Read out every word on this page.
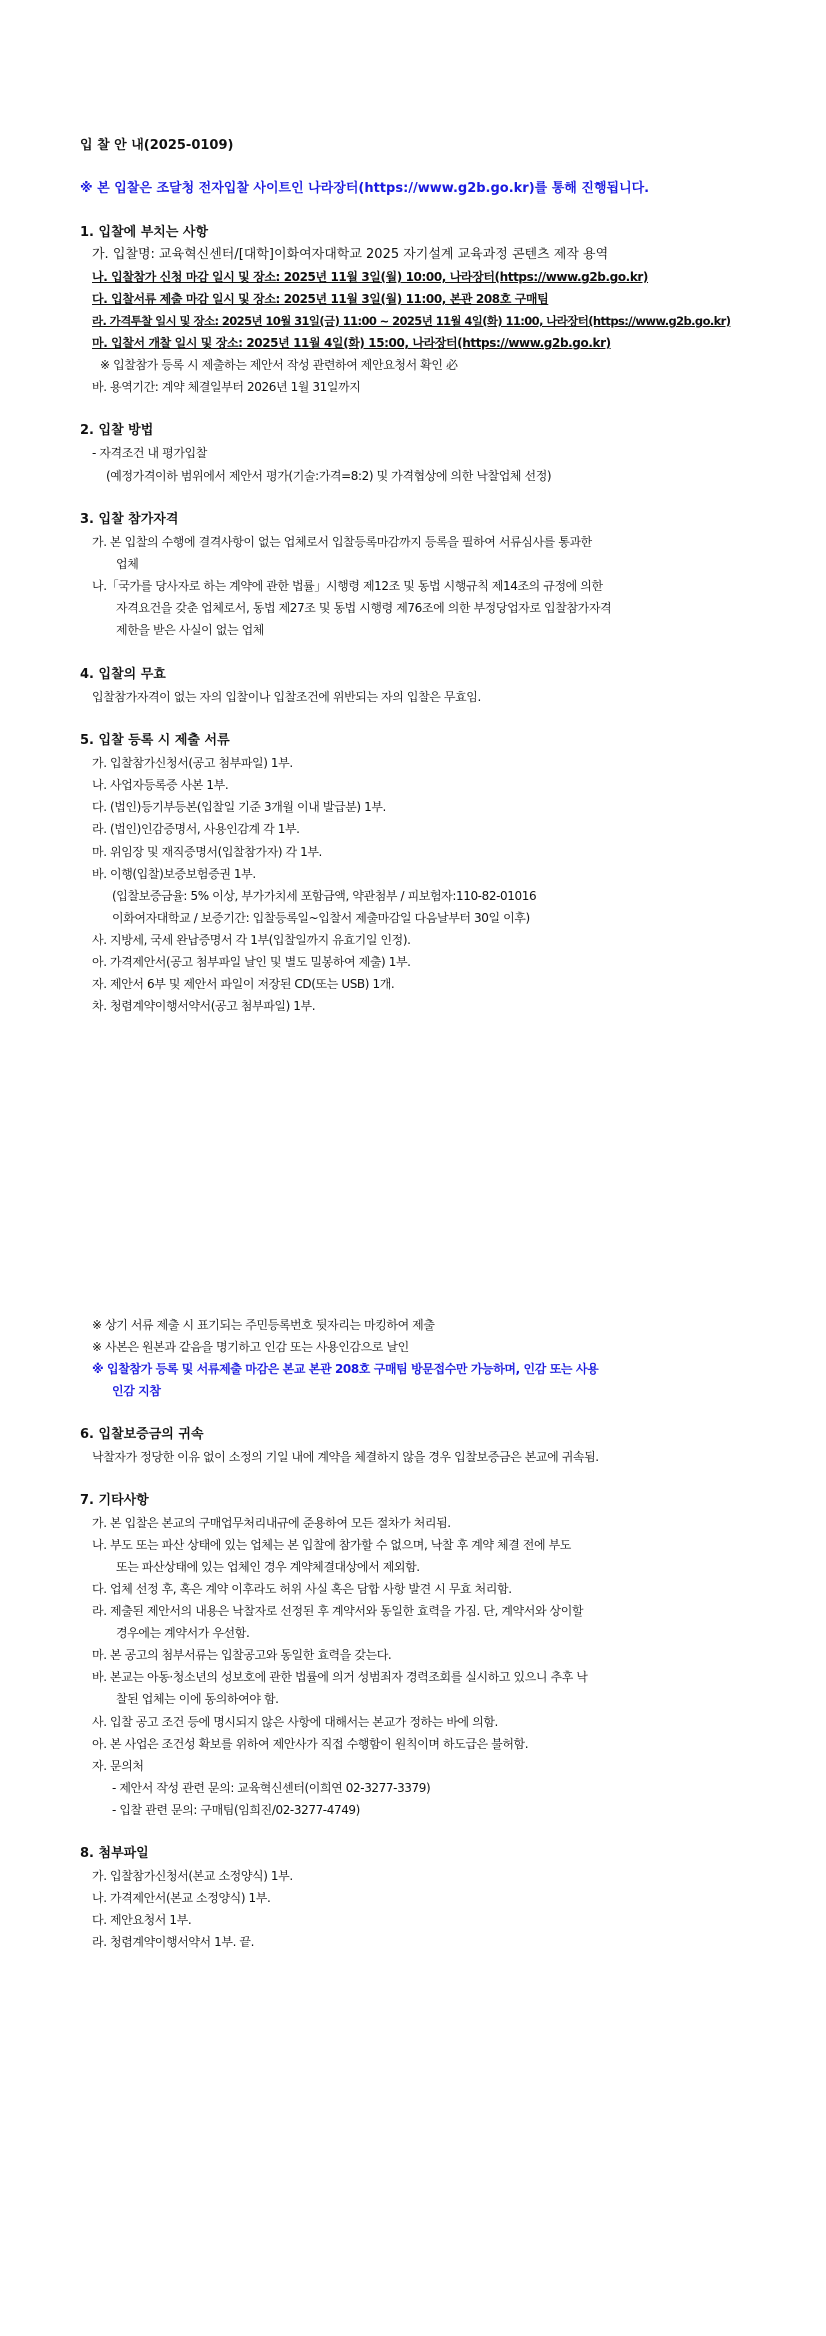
입 찰 안 내(2025-0109)
※ 본 입찰은 조달청 전자입찰 사이트인 나라장터(https://www.g2b.go.kr)를 통해 진행됩니다.
1. 입찰에 부치는 사항
가. 입찰명: 교육혁신센터/[대학]이화여자대학교 2025 자기설계 교육과정 콘텐츠 제작 용역
나. 입찰참가 신청 마감 일시 및 장소: 2025년 11월 3일(월) 10:00, 나라장터(https://www.g2b.go.kr)
다. 입찰서류 제출 마감 일시 및 장소: 2025년 11월 3일(월) 11:00, 본관 208호 구매팀
라. 가격투찰 일시 및 장소: 2025년 10월 31일(금) 11:00 ~ 2025년 11월 4일(화) 11:00, 나라장터(https://www.g2b.go.kr)
마. 입찰서 개찰 일시 및 장소: 2025년 11월 4일(화) 15:00, 나라장터(https://www.g2b.go.kr)
※ 입찰참가 등록 시 제출하는 제안서 작성 관련하여 제안요청서 확인 必
바. 용역기간: 계약 체결일부터 2026년 1월 31일까지
2. 입찰 방법
- 자격조건 내 평가입찰
(예정가격이하 범위에서 제안서 평가(기술:가격=8:2) 및 가격협상에 의한 낙찰업체 선정)
3. 입찰 참가자격
가. 본 입찰의 수행에 결격사항이 없는 업체로서 입찰등록마감까지 등록을 필하여 서류심사를 통과한
업체
나.「국가를 당사자로 하는 계약에 관한 법률」시행령 제12조 및 동법 시행규칙 제14조의 규정에 의한
자격요건을 갖춘 업체로서, 동법 제27조 및 동법 시행령 제76조에 의한 부정당업자로 입찰참가자격
제한을 받은 사실이 없는 업체
4. 입찰의 무효
입찰참가자격이 없는 자의 입찰이나 입찰조건에 위반되는 자의 입찰은 무효임.
5. 입찰 등록 시 제출 서류
가. 입찰참가신청서(공고 첨부파일) 1부.
나. 사업자등록증 사본 1부.
다. (법인)등기부등본(입찰일 기준 3개월 이내 발급분) 1부.
라. (법인)인감증명서, 사용인감계 각 1부.
마. 위임장 및 재직증명서(입찰참가자) 각 1부.
바. 이행(입찰)보증보험증권 1부.
(입찰보증금율: 5% 이상, 부가가치세 포함금액, 약관첨부 / 피보험자:110-82-01016
이화여자대학교 / 보증기간: 입찰등록일~입찰서 제출마감일 다음날부터 30일 이후)
사. 지방세, 국세 완납증명서 각 1부(입찰일까지 유효기일 인정).
아. 가격제안서(공고 첨부파일 날인 및 별도 밀봉하여 제출) 1부.
자. 제안서 6부 및 제안서 파일이 저장된 CD(또는 USB) 1개.
차. 청렴계약이행서약서(공고 첨부파일) 1부.
※ 상기 서류 제출 시 표기되는 주민등록번호 뒷자리는 마킹하여 제출
※ 사본은 원본과 같음을 명기하고 인감 또는 사용인감으로 날인
※ 입찰참가 등록 및 서류제출 마감은 본교 본관 208호 구매팀 방문접수만 가능하며, 인감 또는 사용
인감 지참
6. 입찰보증금의 귀속
낙찰자가 정당한 이유 없이 소정의 기일 내에 계약을 체결하지 않을 경우 입찰보증금은 본교에 귀속됨.
7. 기타사항
가. 본 입찰은 본교의 구매업무처리내규에 준용하여 모든 절차가 처리됨.
나. 부도 또는 파산 상태에 있는 업체는 본 입찰에 참가할 수 없으며, 낙찰 후 계약 체결 전에 부도
또는 파산상태에 있는 업체인 경우 계약체결대상에서 제외함.
다. 업체 선정 후, 혹은 계약 이후라도 허위 사실 혹은 담합 사항 발견 시 무효 처리함.
라. 제출된 제안서의 내용은 낙찰자로 선정된 후 계약서와 동일한 효력을 가짐. 단, 계약서와 상이할
경우에는 계약서가 우선함.
마. 본 공고의 첨부서류는 입찰공고와 동일한 효력을 갖는다.
바. 본교는 아동·청소년의 성보호에 관한 법률에 의거 성범죄자 경력조회를 실시하고 있으니 추후 낙
찰된 업체는 이에 동의하여야 함.
사. 입찰 공고 조건 등에 명시되지 않은 사항에 대해서는 본교가 정하는 바에 의함.
아. 본 사업은 조건성 확보를 위하여 제안사가 직접 수행함이 원칙이며 하도급은 불허함.
자. 문의처
- 제안서 작성 관련 문의: 교육혁신센터(이희연 02-3277-3379)
- 입찰 관련 문의: 구매팀(임희진/02-3277-4749)
8. 첨부파일
가. 입찰참가신청서(본교 소정양식) 1부.
나. 가격제안서(본교 소정양식) 1부.
다. 제안요청서 1부.
라. 청렴계약이행서약서 1부. 끝.
